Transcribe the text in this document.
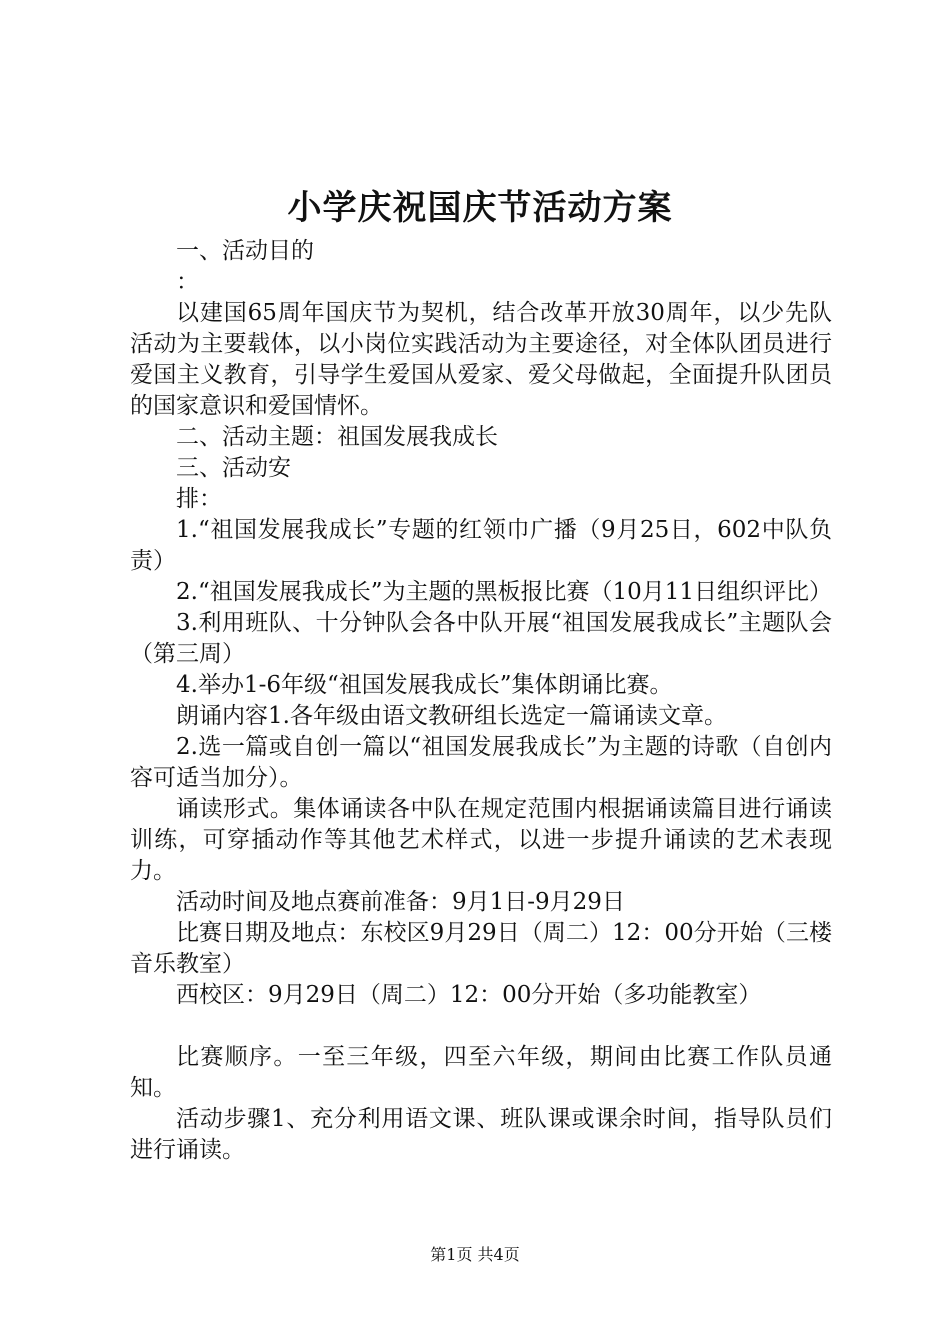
小学庆祝国庆节活动方案

一、活动目的

：

以建国65周年国庆节为契机，结合改革开放30周年，以少先队活动为主要载体，以小岗位实践活动为主要途径，对全体队团员进行爱国主义教育，引导学生爱国从爱家、爱父母做起，全面提升队团员的国家意识和爱国情怀。

二、活动主题：祖国发展我成长

三、活动安

排：

1.“祖国发展我成长”专题的红领巾广播（9月25日，602中队负责）

2.“祖国发展我成长”为主题的黑板报比赛（10月11日组织评比）

3.利用班队、十分钟队会各中队开展“祖国发展我成长”主题队会（第三周）

4.举办1-6年级“祖国发展我成长”集体朗诵比赛。

朗诵内容1.各年级由语文教研组长选定一篇诵读文章。

2.选一篇或自创一篇以“祖国发展我成长”为主题的诗歌（自创内容可适当加分）。

诵读形式。集体诵读各中队在规定范围内根据诵读篇目进行诵读训练，可穿插动作等其他艺术样式，以进一步提升诵读的艺术表现力。

活动时间及地点赛前准备：9月1日-9月29日

比赛日期及地点：东校区9月29日（周二）12：00分开始（三楼音乐教室）

西校区：9月29日（周二）12：00分开始（多功能教室）

比赛顺序。一至三年级，四至六年级，期间由比赛工作队员通知。

活动步骤1、充分利用语文课、班队课或课余时间，指导队员们进行诵读。

第1页 共4页
